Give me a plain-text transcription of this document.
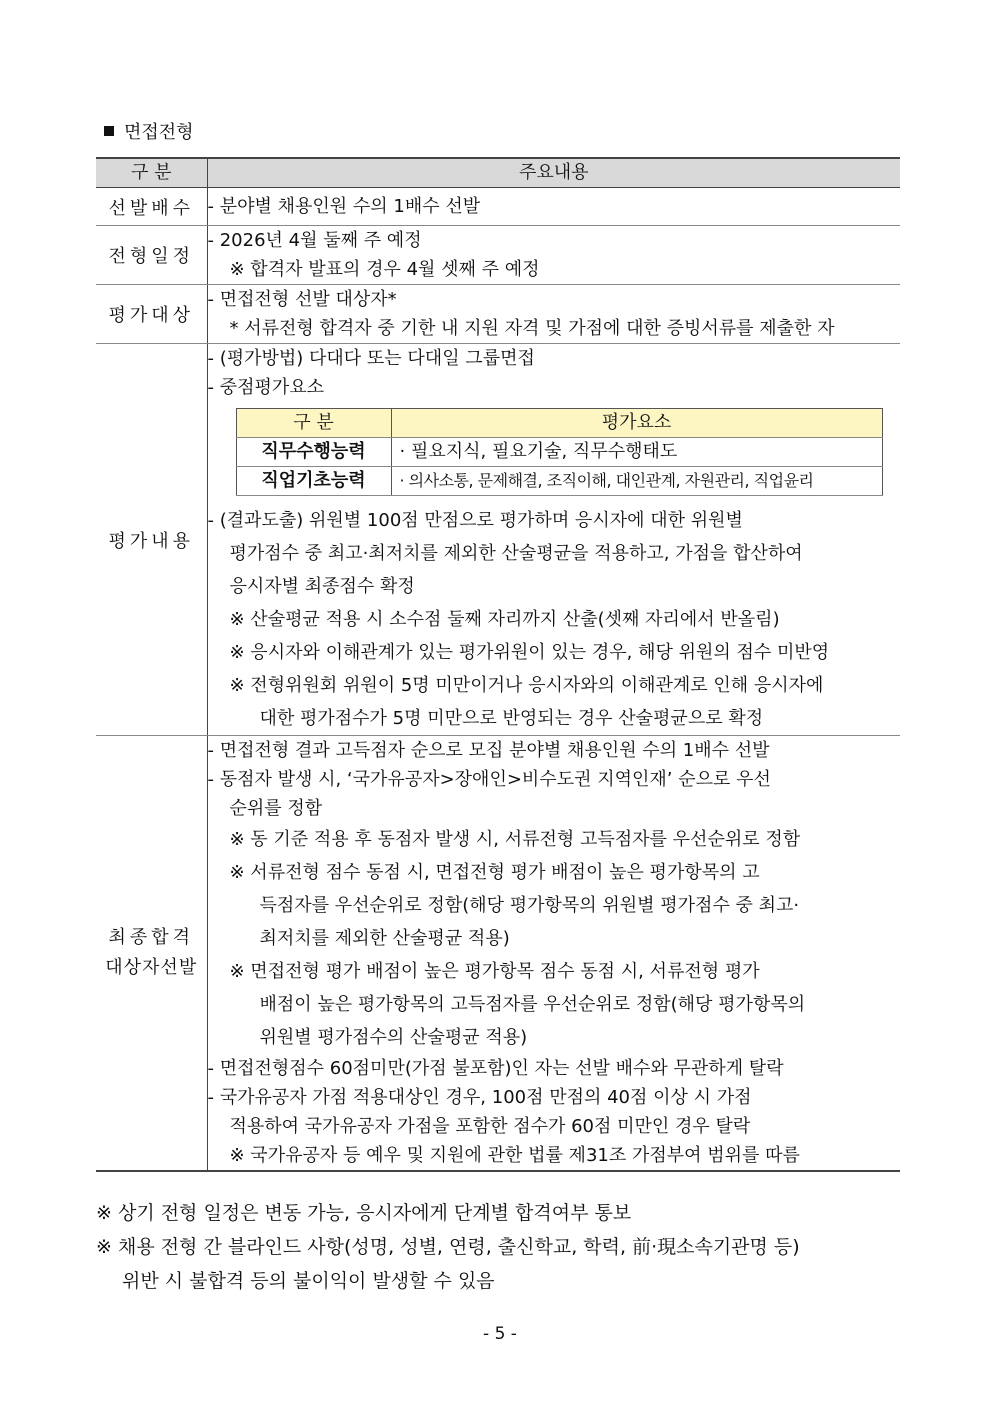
면접전형
구 분	주요내용
선발배수	- 분야별 채용인원 수의 1배수 선발

전형일정	
- 2026년 4월 둘째 주 예정
※ 합격자 발표의 경우 4월 셋째 주 예정

평가대상	
- 면접전형 선발 대상자*
* 서류전형 합격자 중 기한 내 지원 자격 및 가점에 대한 증빙서류를 제출한 자

평가내용	
- (평가방법) 다대다 또는 다대일 그룹면접
- 중점평가요소
구 분	평가요소
직무수행능력	· 필요지식, 필요기술, 직무수행태도
직업기초능력	· 의사소통, 문제해결, 조직이해, 대인관계, 자원관리, 직업윤리
- (결과도출) 위원별 100점 만점으로 평가하며 응시자에 대한 위원별
평가점수 중 최고·최저치를 제외한 산술평균을 적용하고, 가점을 합산하여
응시자별 최종점수 확정
※ 산술평균 적용 시 소수점 둘째 자리까지 산출(셋째 자리에서 반올림)
※ 응시자와 이해관계가 있는 평가위원이 있는 경우, 해당 위원의 점수 미반영
※ 전형위원회 위원이 5명 미만이거나 응시자와의 이해관계로 인해 응시자에
대한 평가점수가 5명 미만으로 반영되는 경우 산술평균으로 확정

최종합격
대상자선발

- 면접전형 결과 고득점자 순으로 모집 분야별 채용인원 수의 1배수 선발
- 동점자 발생 시, ‘국가유공자>장애인>비수도권 지역인재’ 순으로 우선
순위를 정함
※ 동 기준 적용 후 동점자 발생 시, 서류전형 고득점자를 우선순위로 정함
※ 서류전형 점수 동점 시, 면접전형 평가 배점이 높은 평가항목의 고
득점자를 우선순위로 정함(해당 평가항목의 위원별 평가점수 중 최고·
최저치를 제외한 산술평균 적용)
※ 면접전형 평가 배점이 높은 평가항목 점수 동점 시, 서류전형 평가
배점이 높은 평가항목의 고득점자를 우선순위로 정함(해당 평가항목의
위원별 평가점수의 산술평균 적용)
- 면접전형점수 60점미만(가점 불포함)인 자는 선발 배수와 무관하게 탈락
- 국가유공자 가점 적용대상인 경우, 100점 만점의 40점 이상 시 가점
적용하여 국가유공자 가점을 포함한 점수가 60점 미만인 경우 탈락
※ 국가유공자 등 예우 및 지원에 관한 법률 제31조 가점부여 범위를 따름
※ 상기 전형 일정은 변동 가능, 응시자에게 단계별 합격여부 통보
※ 채용 전형 간 블라인드 사항(성명, 성별, 연령, 출신학교, 학력, 前·現소속기관명 등)
위반 시 불합격 등의 불이익이 발생할 수 있음
- 5 -
